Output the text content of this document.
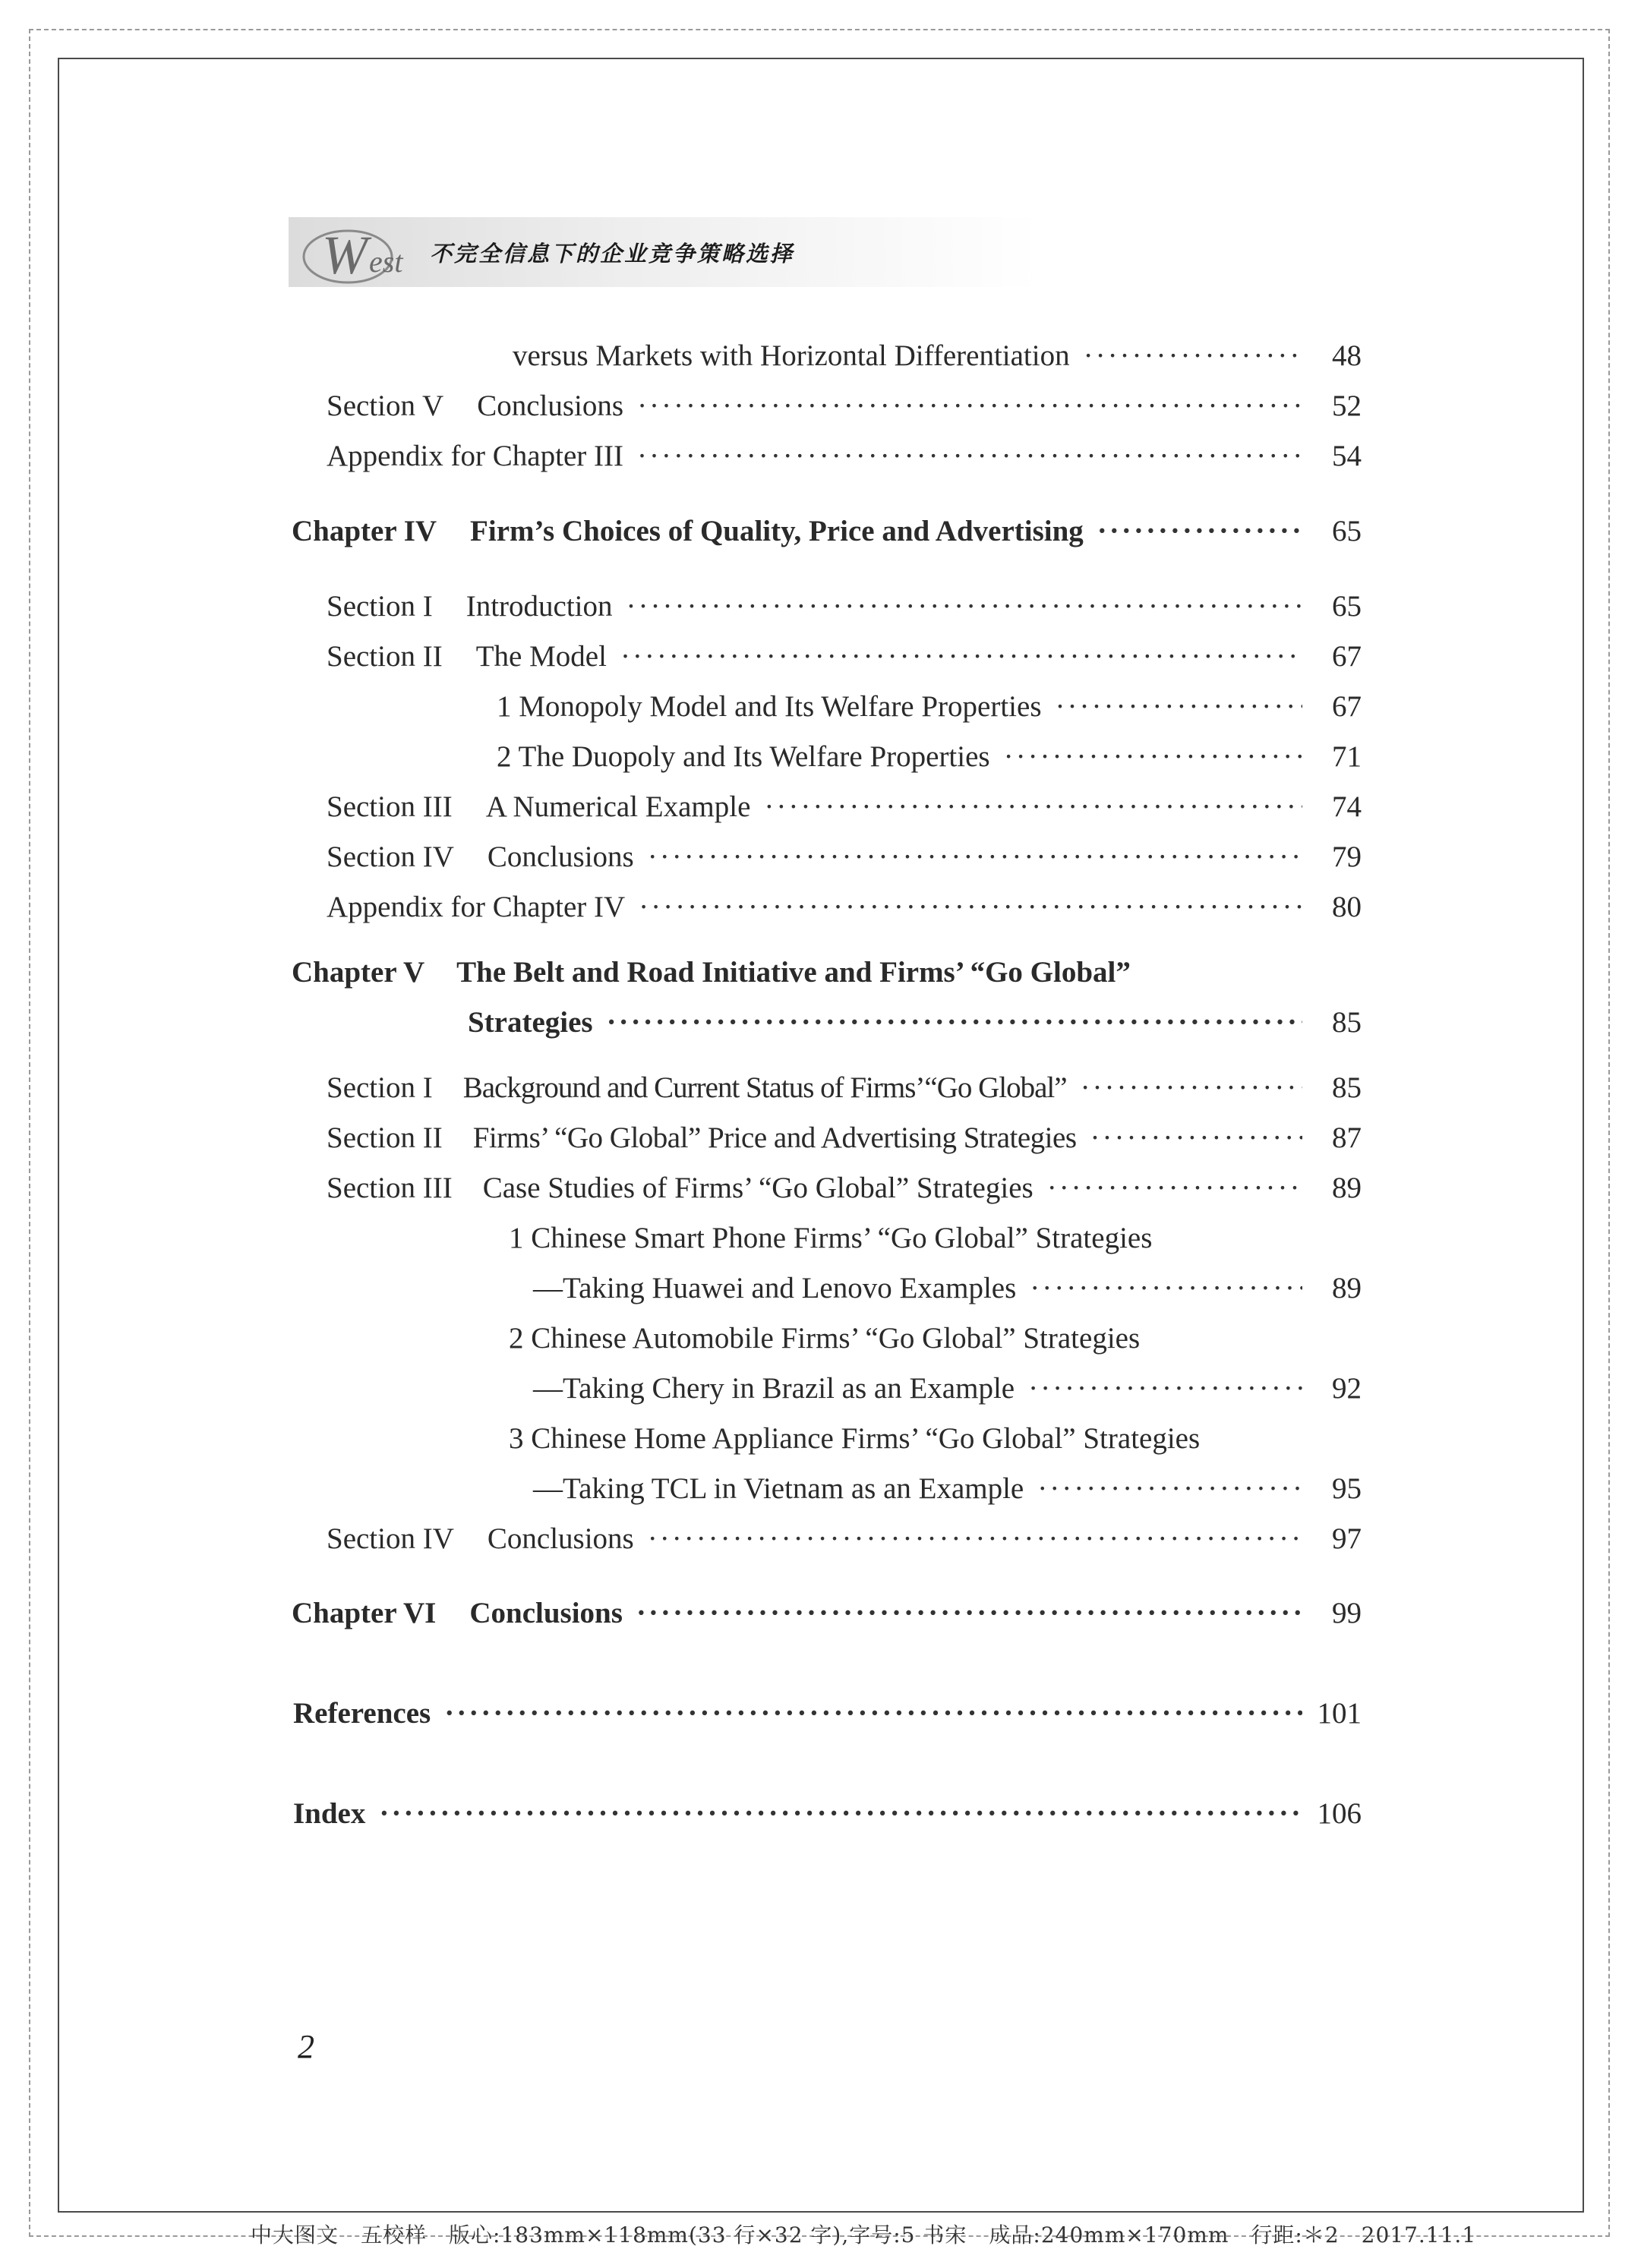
W est 不完全信息下的企业竞争策略选择
versus Markets with Horizontal Differentiation ·····	48
Section V Conclusions ·····	52
Appendix for Chapter III ·····	54
Chapter IV Firm’s Choices of Quality, Price and Advertising ·····	65
Section I Introduction ·····	65
Section II The Model ·····	67
1 Monopoly Model and Its Welfare Properties ·····	67
2 The Duopoly and Its Welfare Properties ·····	71
Section III A Numerical Example ·····	74
Section IV Conclusions ·····	79
Appendix for Chapter IV ·····	80
Chapter V The Belt and Road Initiative and Firms’ “Go Global”
Strategies ·····	85
Section I Background and Current Status of Firms’“Go Global” ·····	85
Section II Firms’ “Go Global” Price and Advertising Strategies ·····	87
Section III Case Studies of Firms’ “Go Global” Strategies ·····	89
1 Chinese Smart Phone Firms’ “Go Global” Strategies
—Taking Huawei and Lenovo Examples ·····	89
2 Chinese Automobile Firms’ “Go Global” Strategies
—Taking Chery in Brazil as an Example ·····	92
3 Chinese Home Appliance Firms’ “Go Global” Strategies
—Taking TCL in Vietnam as an Example ·····	95
Section IV Conclusions ·····	97
Chapter VI Conclusions ·····	99
References ·····	101
Index ·····	106
2
中大图文　五校样　版心:183mm×118mm(33 行×32 字),字号:5 书宋　成品:240mm×170mm　行距:＊2　2017.11.1
